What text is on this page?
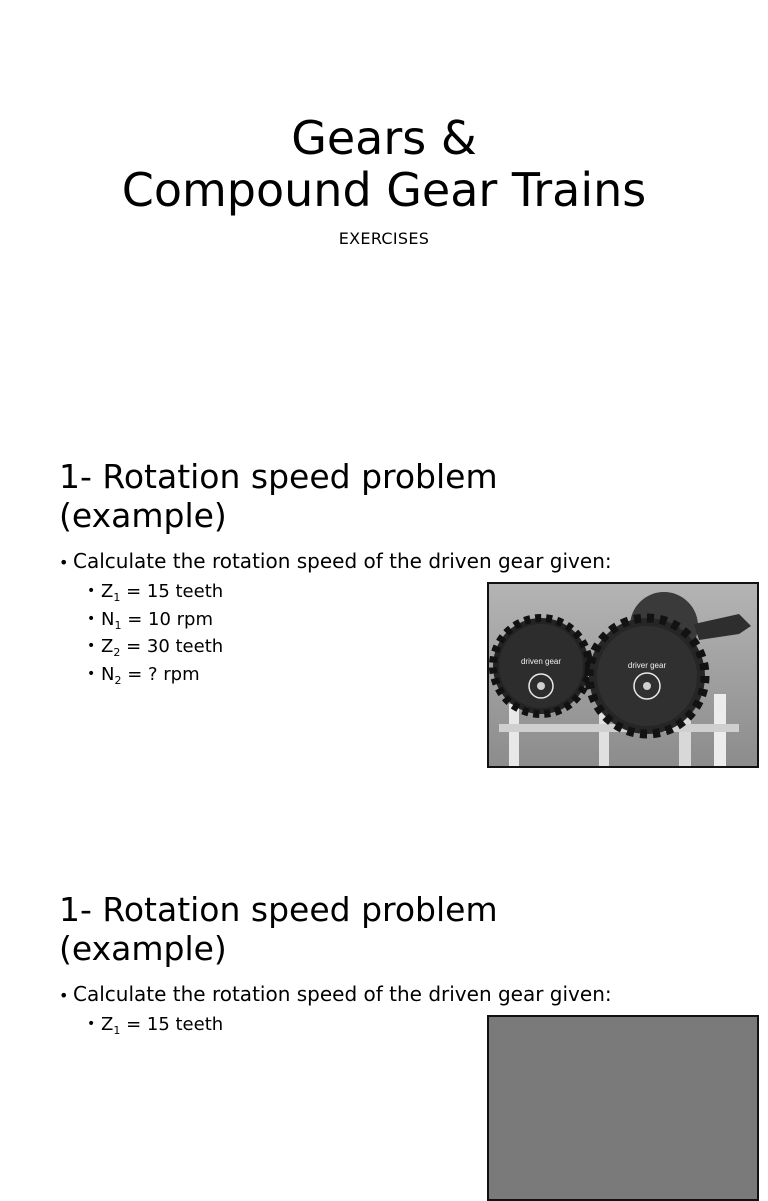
Gears &
Compound Gear Trains
EXERCISES
1- Rotation speed problem
(example)
• Calculate the rotation speed of the driven gear given:
• $Z_1 = 15$ teeth
• $N_1 = 10$ rpm
• $Z_2 = 30$ teeth
• $N_2$ = ? rpm
driven gear	driver gear
1- Rotation speed problem
(example)
• Calculate the rotation speed of the driven gear given:
• $Z_1 = 15$ teeth
